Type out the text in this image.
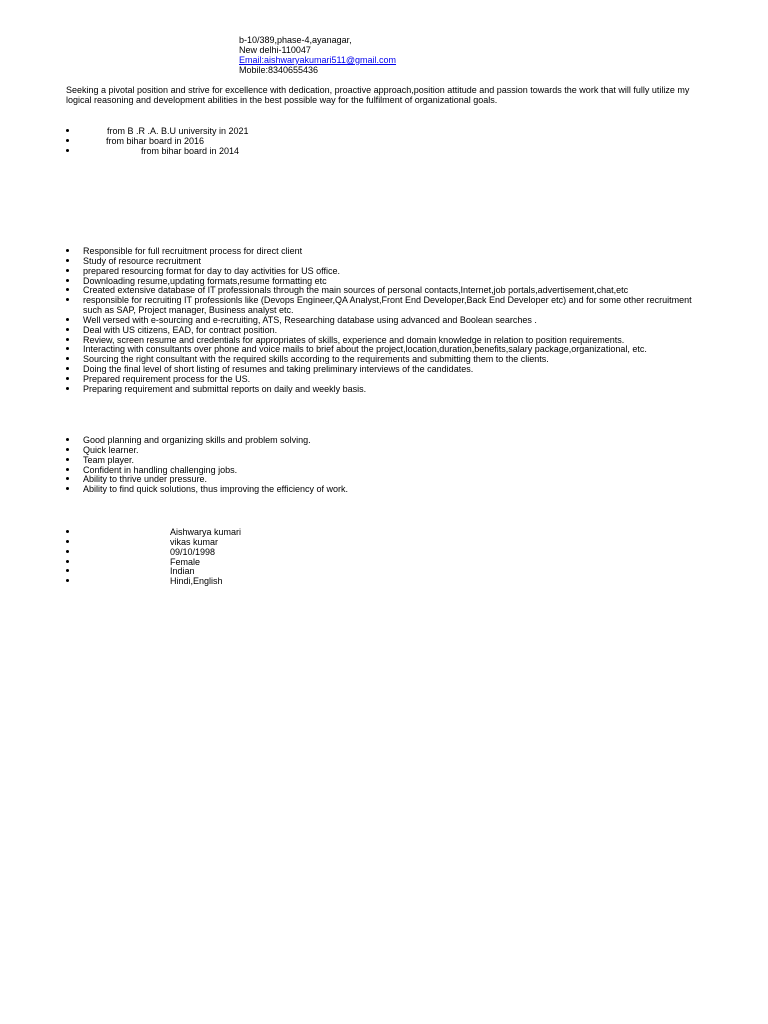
b-10/389,phase-4,ayanagar,
New delhi-110047
Email:aishwaryakumari511@gmail.com
Mobile:8340655436
Seeking a pivotal position and strive for excellence with dedication, proactive approach,position attitude and passion towards the work that will fully utilize my logical reasoning and development abilities in the best possible way for the fulfilment of organizational goals.
from B .R .A. B.U university in 2021
from bihar board in 2016
from bihar board in 2014
Responsible for full recruitment process for direct client
Study of resource recruitment
prepared resourcing format for day to day activities for US office.
Downloading resume,updating formats,resume formatting etc
Created extensive database of IT professionals through the main sources of personal contacts,Internet,job portals,advertisement,chat,etc
responsible for recruiting IT professionls like (Devops Engineer,QA Analyst,Front End Developer,Back End Developer etc) and for some other recruitment such as SAP, Project manager, Business analyst etc.
Well versed with e-sourcing and e-recruiting, ATS, Researching database using advanced and Boolean searches .
Deal with US citizens, EAD, for contract position.
Review, screen resume and credentials for appropriates of skills, experience and domain knowledge in relation to position requirements.
Interacting with consultants over phone and voice mails to brief about the project,location,duration,benefits,salary package,organizational, etc.
Sourcing the right consultant with the required skills according to the requirements and submitting them to the clients.
Doing the final level of short listing of resumes and taking preliminary interviews of the candidates.
Prepared requirement process for the US.
Preparing requirement and submittal reports on daily and weekly basis.
Good planning and organizing skills and problem solving.
Quick learner.
Team player.
Confident in handling challenging jobs.
Ability to thrive under pressure.
Ability to find quick solutions, thus improving the efficiency of work.
Aishwarya kumari
vikas kumar
09/10/1998
Female
Indian
Hindi,English
